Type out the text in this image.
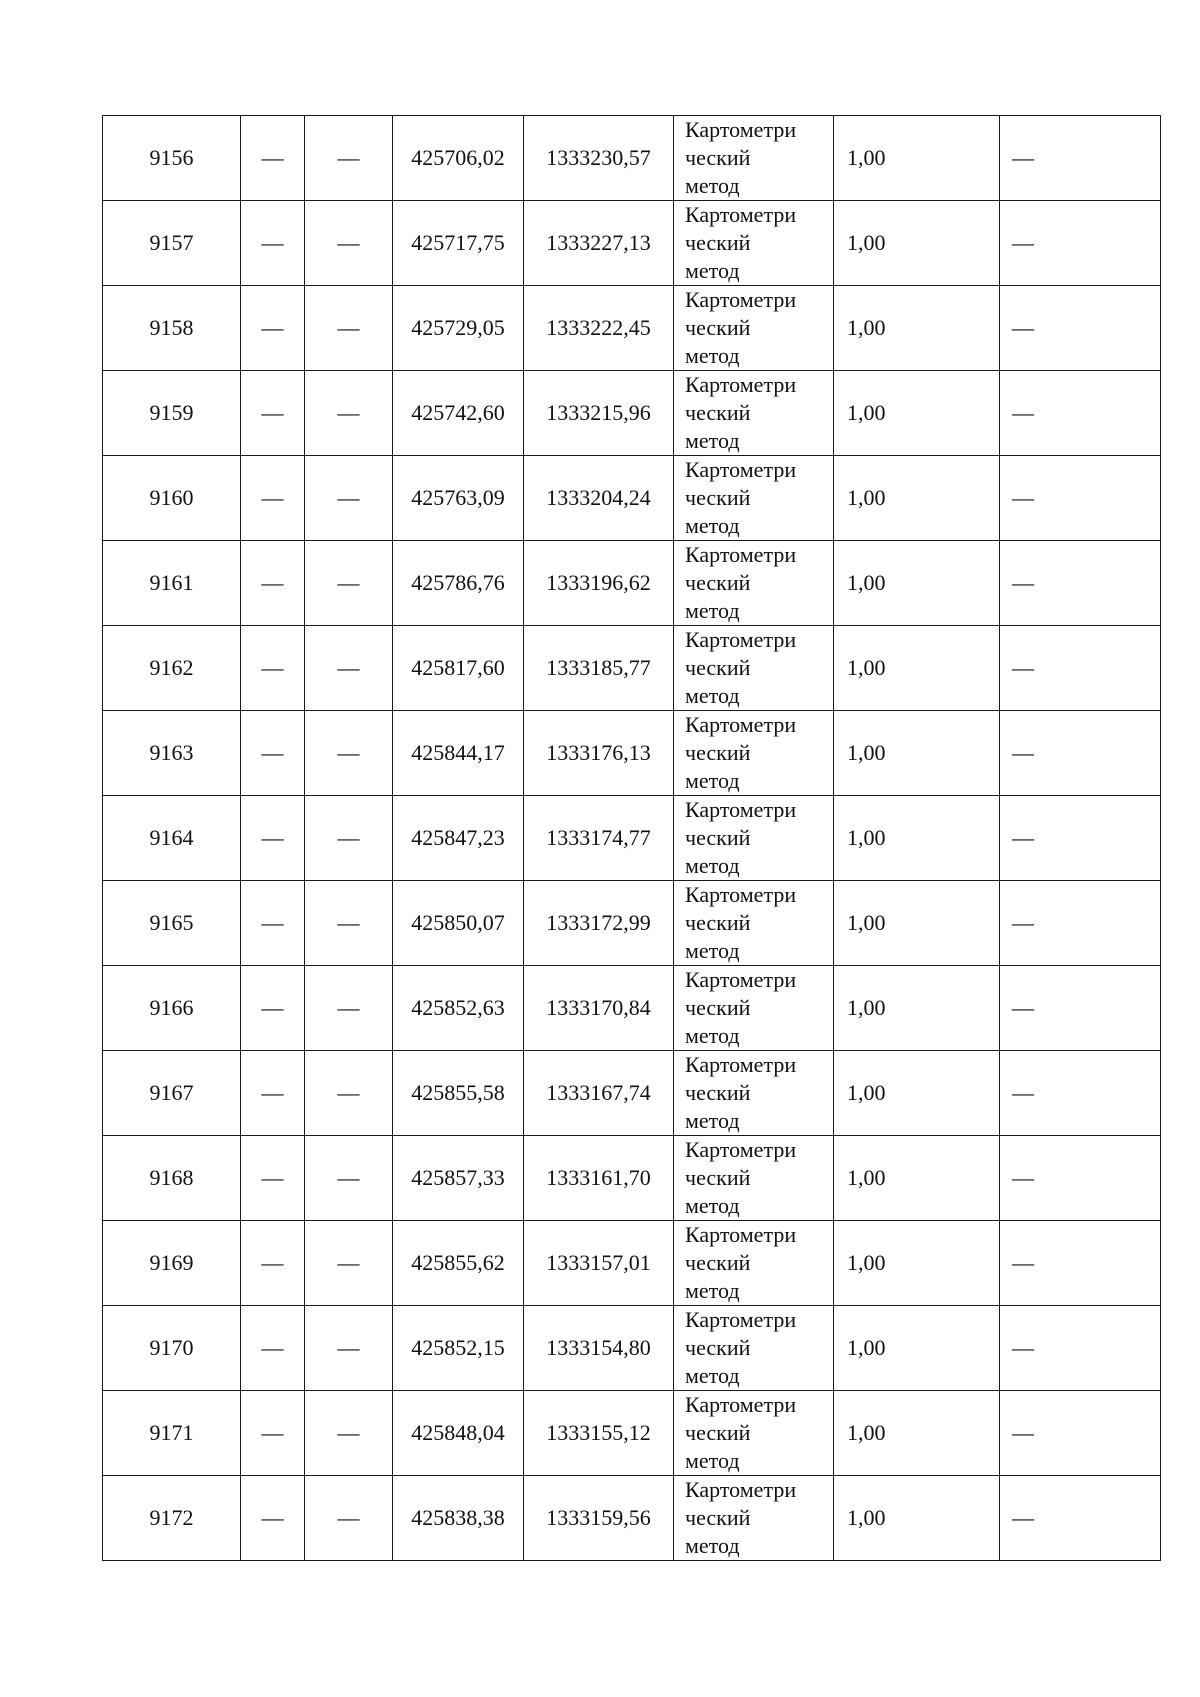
9156	—	—	425706,02	1333230,57	Картометри
ческий
метод	1,00	—
9157	—	—	425717,75	1333227,13	Картометри
ческий
метод	1,00	—
9158	—	—	425729,05	1333222,45	Картометри
ческий
метод	1,00	—
9159	—	—	425742,60	1333215,96	Картометри
ческий
метод	1,00	—
9160	—	—	425763,09	1333204,24	Картометри
ческий
метод	1,00	—
9161	—	—	425786,76	1333196,62	Картометри
ческий
метод	1,00	—
9162	—	—	425817,60	1333185,77	Картометри
ческий
метод	1,00	—
9163	—	—	425844,17	1333176,13	Картометри
ческий
метод	1,00	—
9164	—	—	425847,23	1333174,77	Картометри
ческий
метод	1,00	—
9165	—	—	425850,07	1333172,99	Картометри
ческий
метод	1,00	—
9166	—	—	425852,63	1333170,84	Картометри
ческий
метод	1,00	—
9167	—	—	425855,58	1333167,74	Картометри
ческий
метод	1,00	—
9168	—	—	425857,33	1333161,70	Картометри
ческий
метод	1,00	—
9169	—	—	425855,62	1333157,01	Картометри
ческий
метод	1,00	—
9170	—	—	425852,15	1333154,80	Картометри
ческий
метод	1,00	—
9171	—	—	425848,04	1333155,12	Картометри
ческий
метод	1,00	—
9172	—	—	425838,38	1333159,56	Картометри
ческий
метод	1,00	—
